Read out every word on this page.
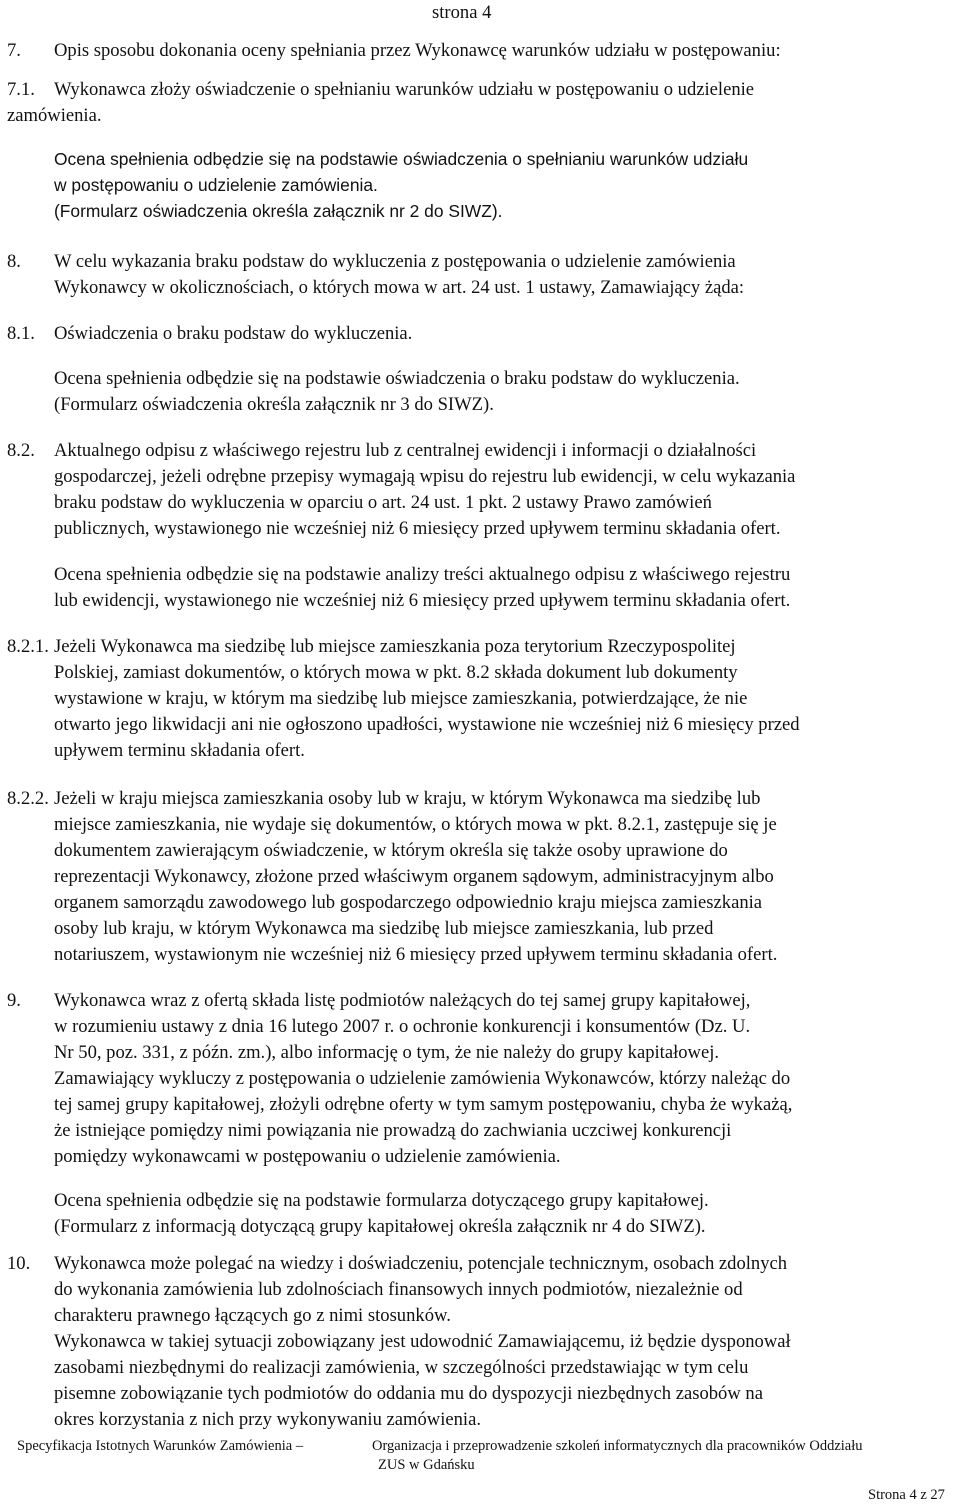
strona 4
7. Opis sposobu dokonania oceny spełniania przez Wykonawcę warunków udziału w postępowaniu:
7.1. Wykonawca złoży oświadczenie o spełnianiu warunków udziału w postępowaniu o udzielenie
zamówienia.
Ocena spełnienia odbędzie się na podstawie oświadczenia o spełnianiu warunków udziału
w postępowaniu o udzielenie zamówienia.
(Formularz oświadczenia określa załącznik nr 2 do SIWZ).
8. W celu wykazania braku podstaw do wykluczenia z postępowania o udzielenie zamówienia
Wykonawcy w okolicznościach, o których mowa w art. 24 ust. 1 ustawy, Zamawiający żąda:
8.1. Oświadczenia o braku podstaw do wykluczenia.
Ocena spełnienia odbędzie się na podstawie oświadczenia o braku podstaw do wykluczenia.
(Formularz oświadczenia określa załącznik nr 3 do SIWZ).
8.2. Aktualnego odpisu z właściwego rejestru lub z centralnej ewidencji i informacji o działalności
gospodarczej, jeżeli odrębne przepisy wymagają wpisu do rejestru lub ewidencji, w celu wykazania
braku podstaw do wykluczenia w oparciu o art. 24 ust. 1 pkt. 2 ustawy Prawo zamówień
publicznych, wystawionego nie wcześniej niż 6 miesięcy przed upływem terminu składania ofert.
Ocena spełnienia odbędzie się na podstawie analizy treści aktualnego odpisu z właściwego rejestru
lub ewidencji, wystawionego nie wcześniej niż 6 miesięcy przed upływem terminu składania ofert.
8.2.1. Jeżeli Wykonawca ma siedzibę lub miejsce zamieszkania poza terytorium Rzeczypospolitej
Polskiej, zamiast dokumentów, o których mowa w pkt. 8.2 składa dokument lub dokumenty
wystawione w kraju, w którym ma siedzibę lub miejsce zamieszkania, potwierdzające, że nie
otwarto jego likwidacji ani nie ogłoszono upadłości, wystawione nie wcześniej niż 6 miesięcy przed
upływem terminu składania ofert.
8.2.2. Jeżeli w kraju miejsca zamieszkania osoby lub w kraju, w którym Wykonawca ma siedzibę lub
miejsce zamieszkania, nie wydaje się dokumentów, o których mowa w pkt. 8.2.1, zastępuje się je
dokumentem zawierającym oświadczenie, w którym określa się także osoby uprawione do
reprezentacji Wykonawcy, złożone przed właściwym organem sądowym, administracyjnym albo
organem samorządu zawodowego lub gospodarczego odpowiednio kraju miejsca zamieszkania
osoby lub kraju, w którym Wykonawca ma siedzibę lub miejsce zamieszkania, lub przed
notariuszem, wystawionym nie wcześniej niż 6 miesięcy przed upływem terminu składania ofert.
9. Wykonawca wraz z ofertą składa listę podmiotów należących do tej samej grupy kapitałowej,
w rozumieniu ustawy z dnia 16 lutego 2007 r. o ochronie konkurencji i konsumentów (Dz. U.
Nr 50, poz. 331, z późn. zm.), albo informację o tym, że nie należy do grupy kapitałowej.
Zamawiający wykluczy z postępowania o udzielenie zamówienia Wykonawców, którzy należąc do
tej samej grupy kapitałowej, złożyli odrębne oferty w tym samym postępowaniu, chyba że wykażą,
że istniejące pomiędzy nimi powiązania nie prowadzą do zachwiania uczciwej konkurencji
pomiędzy wykonawcami w postępowaniu o udzielenie zamówienia.
Ocena spełnienia odbędzie się na podstawie formularza dotyczącego grupy kapitałowej.
(Formularz z informacją dotyczącą grupy kapitałowej określa załącznik nr 4 do SIWZ).
10. Wykonawca może polegać na wiedzy i doświadczeniu, potencjale technicznym, osobach zdolnych
do wykonania zamówienia lub zdolnościach finansowych innych podmiotów, niezależnie od
charakteru prawnego łączących go z nimi stosunków.
Wykonawca w takiej sytuacji zobowiązany jest udowodnić Zamawiającemu, iż będzie dysponował
zasobami niezbędnymi do realizacji zamówienia, w szczególności przedstawiając w tym celu
pisemne zobowiązanie tych podmiotów do oddania mu do dyspozycji niezbędnych zasobów na
okres korzystania z nich przy wykonywaniu zamówienia.
Specyfikacja Istotnych Warunków Zamówienia –	Organizacja i przeprowadzenie szkoleń informatycznych dla pracowników Oddziału
ZUS w Gdańsku
Strona 4 z 27
